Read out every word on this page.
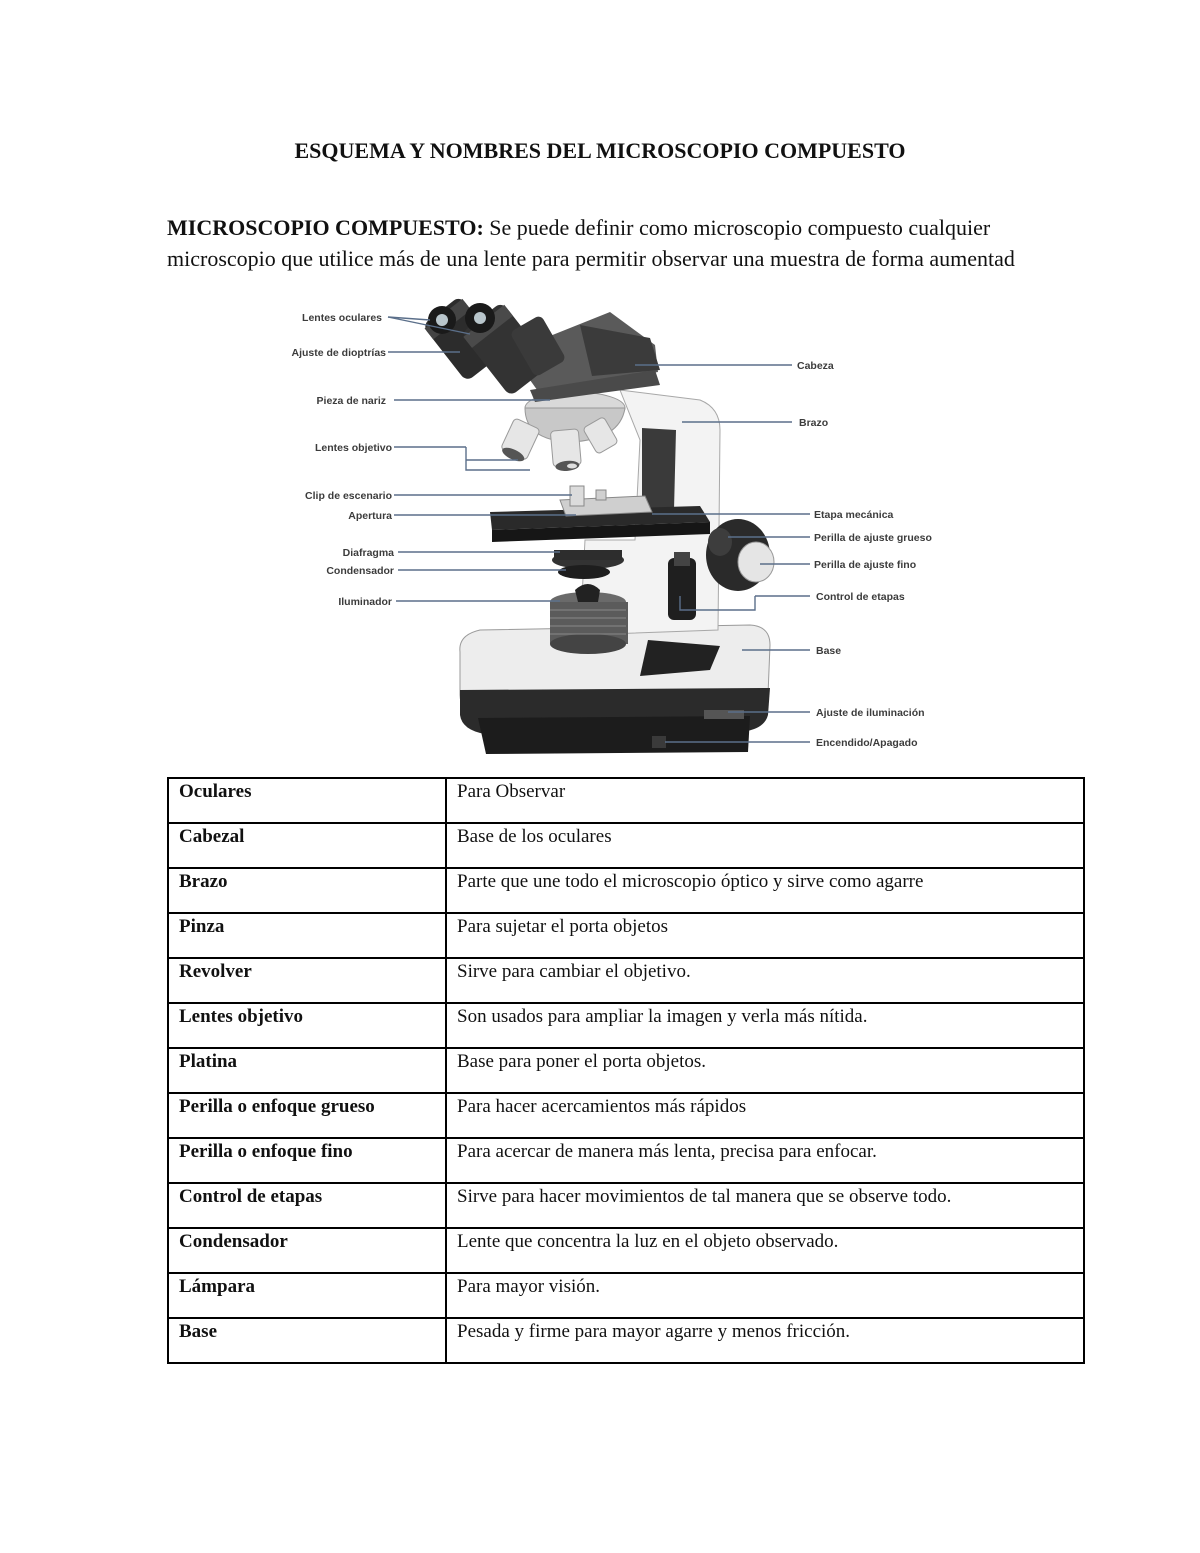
ESQUEMA Y NOMBRES DEL MICROSCOPIO COMPUESTO
MICROSCOPIO COMPUESTO: Se puede definir como microscopio compuesto cualquier microscopio que utilice más de una lente para permitir observar una muestra de forma aumentad
Lentes oculares
Ajuste de dioptrías
Pieza de nariz
Lentes objetivo
Clip de escenario
Apertura
Diafragma
Condensador
Iluminador
Cabeza
Brazo
Etapa mecánica
Perilla de ajuste grueso
Perilla de ajuste fino
Control de etapas
Base
Ajuste de iluminación
Encendido/Apagado
Oculares	Para Observar
Cabezal	Base de los oculares
Brazo	Parte que une todo el microscopio óptico y sirve como agarre
Pinza	Para sujetar el porta objetos
Revolver	Sirve para cambiar el objetivo.
Lentes objetivo	Son usados para ampliar la imagen y verla más nítida.
Platina	Base para poner el porta objetos.
Perilla o enfoque grueso	Para hacer acercamientos más rápidos
Perilla o enfoque fino	Para acercar de manera más lenta, precisa para enfocar.
Control de etapas	Sirve para hacer movimientos de tal manera que se observe todo.
Condensador	Lente que concentra la luz en el objeto observado.
Lámpara	Para mayor visión.
Base	Pesada y firme para mayor agarre y menos fricción.
